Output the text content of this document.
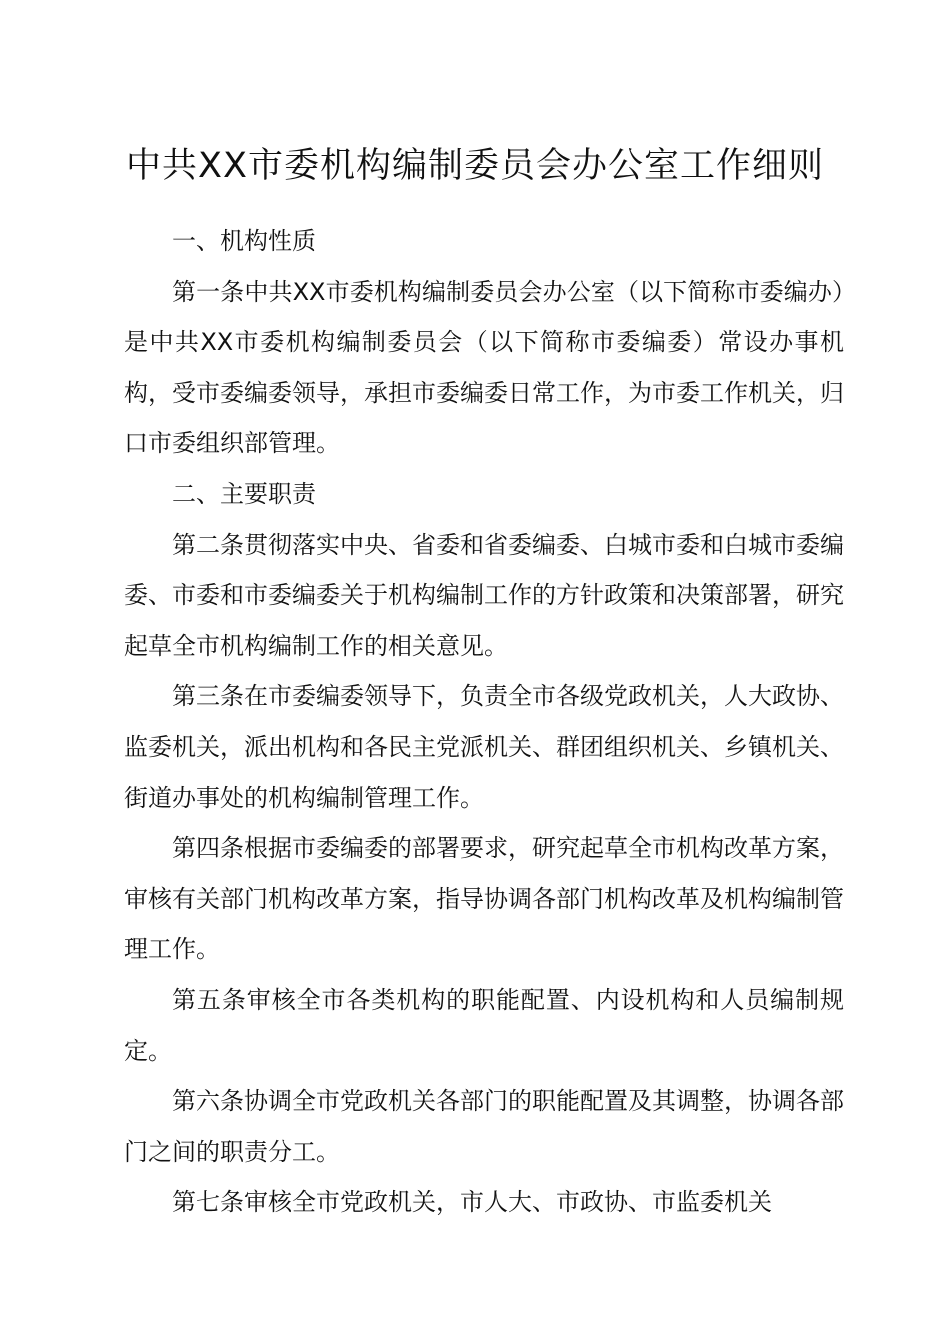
中共XX市委机构编制委员会办公室工作细则

一、机构性质

第一条中共XX市委机构编制委员会办公室（以下简称市委编办）是中共XX市委机构编制委员会（以下简称市委编委）常设办事机构，受市委编委领导，承担市委编委日常工作，为市委工作机关，归口市委组织部管理。

二、主要职责

第二条贯彻落实中央、省委和省委编委、白城市委和白城市委编委、市委和市委编委关于机构编制工作的方针政策和决策部署，研究起草全市机构编制工作的相关意见。

第三条在市委编委领导下，负责全市各级党政机关，人大政协、监委机关，派出机构和各民主党派机关、群团组织机关、乡镇机关、街道办事处的机构编制管理工作。

第四条根据市委编委的部署要求，研究起草全市机构改革方案，审核有关部门机构改革方案，指导协调各部门机构改革及机构编制管理工作。

第五条审核全市各类机构的职能配置、内设机构和人员编制规定。

第六条协调全市党政机关各部门的职能配置及其调整，协调各部门之间的职责分工。

第七条审核全市党政机关，市人大、市政协、市监委机关
